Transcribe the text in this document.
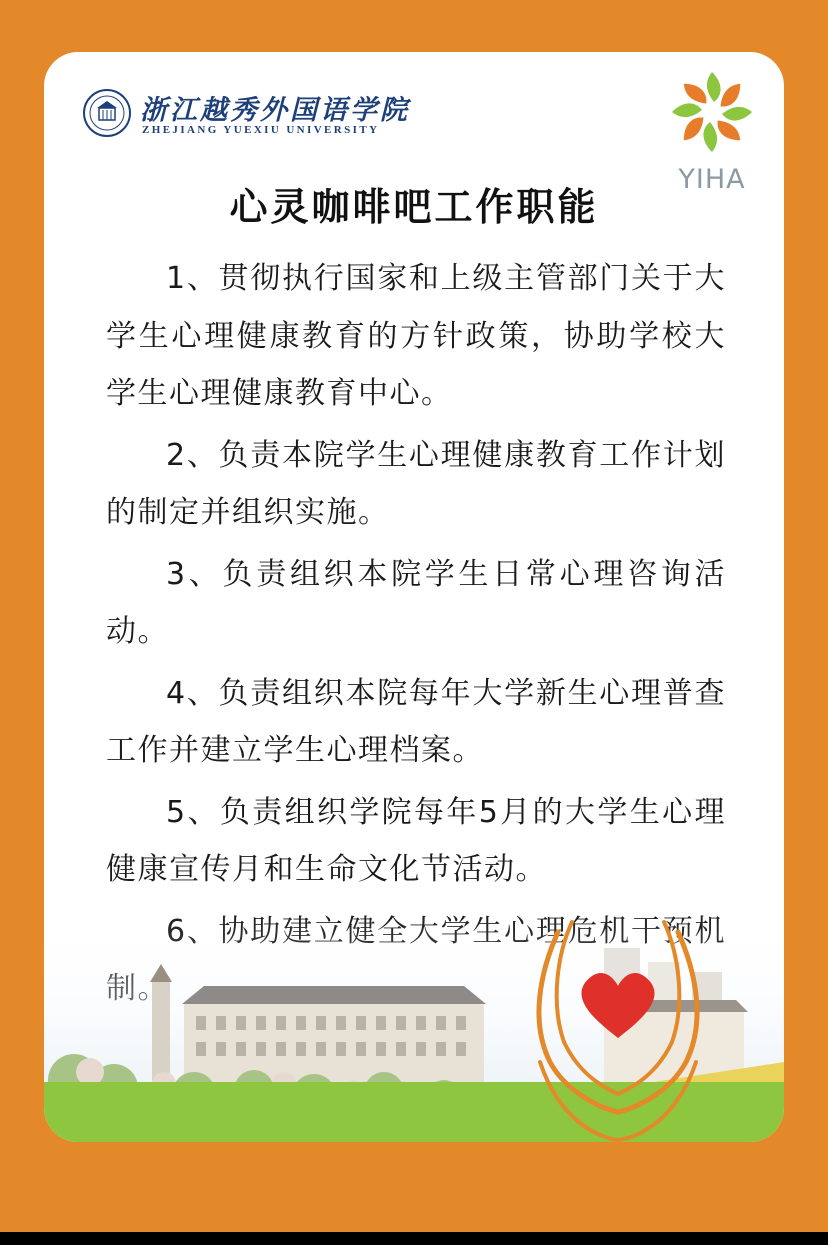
浙江越秀外国语学院
ZHEJIANG YUEXIU UNIVERSITY
YIHA
心灵咖啡吧工作职能

1、贯彻执行国家和上级主管部门关于大学生心理健康教育的方针政策，协助学校大学生心理健康教育中心。

2、负责本院学生心理健康教育工作计划的制定并组织实施。

3、负责组织本院学生日常心理咨询活动。

4、负责组织本院每年大学新生心理普查工作并建立学生心理档案。

5、负责组织学院每年5月的大学生心理健康宣传月和生命文化节活动。
